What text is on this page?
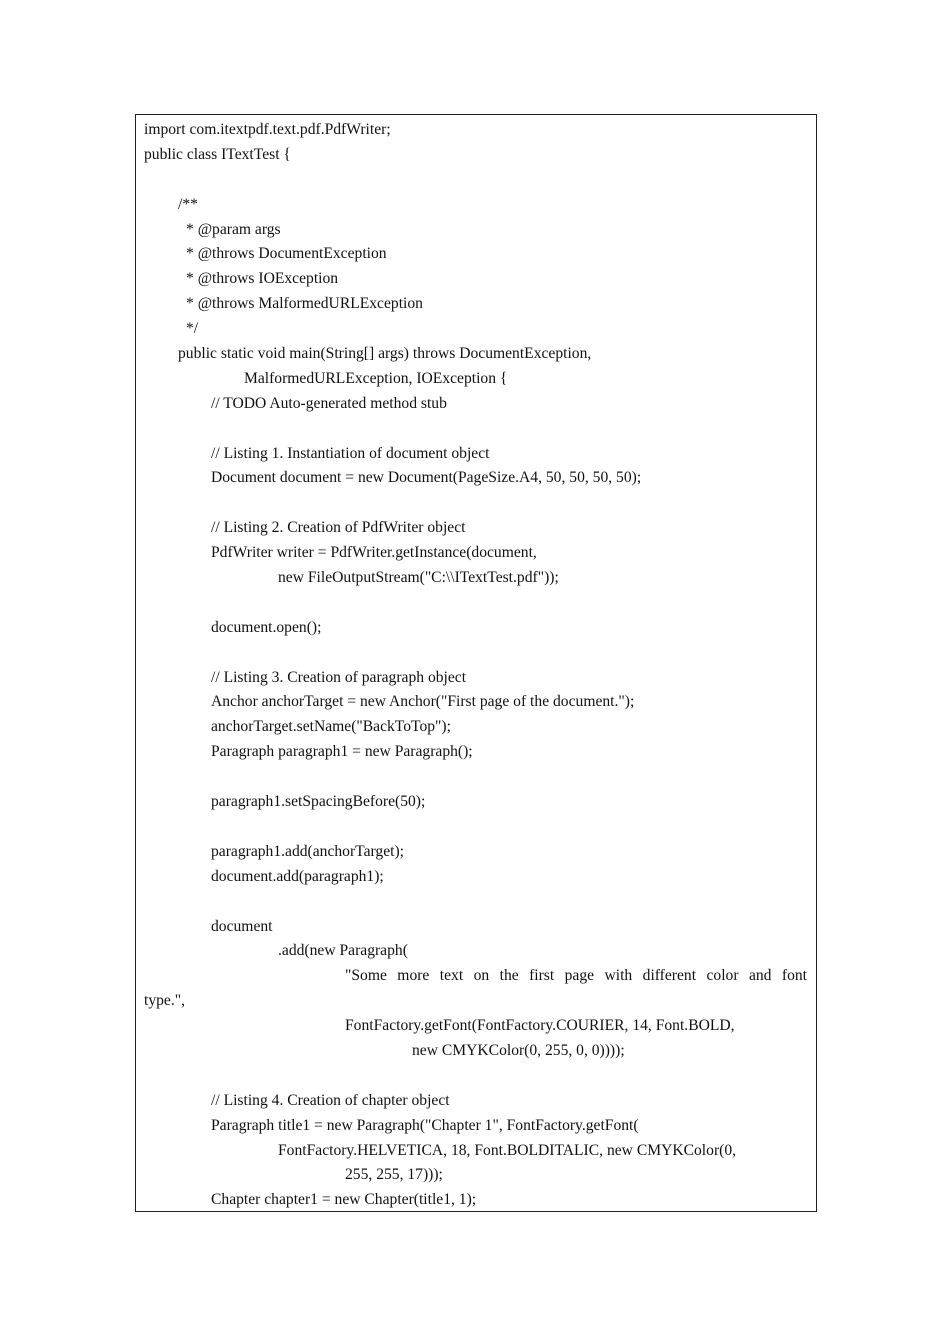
import com.itextpdf.text.pdf.PdfWriter;
public class ITextTest {
/**
* @param args
* @throws DocumentException
* @throws IOException
* @throws MalformedURLException
*/
public static void main(String[] args) throws DocumentException,
MalformedURLException, IOException {
// TODO Auto-generated method stub
// Listing 1. Instantiation of document object
Document document = new Document(PageSize.A4, 50, 50, 50, 50);
// Listing 2. Creation of PdfWriter object
PdfWriter writer = PdfWriter.getInstance(document,
new FileOutputStream("C:\\ITextTest.pdf"));
document.open();
// Listing 3. Creation of paragraph object
Anchor anchorTarget = new Anchor("First page of the document.");
anchorTarget.setName("BackToTop");
Paragraph paragraph1 = new Paragraph();
paragraph1.setSpacingBefore(50);
paragraph1.add(anchorTarget);
document.add(paragraph1);
document
.add(new Paragraph(
"Some more text on the first page with different color and font
type.",
FontFactory.getFont(FontFactory.COURIER, 14, Font.BOLD,
new CMYKColor(0, 255, 0, 0))));
// Listing 4. Creation of chapter object
Paragraph title1 = new Paragraph("Chapter 1", FontFactory.getFont(
FontFactory.HELVETICA, 18, Font.BOLDITALIC, new CMYKColor(0,
255, 255, 17)));
Chapter chapter1 = new Chapter(title1, 1);
